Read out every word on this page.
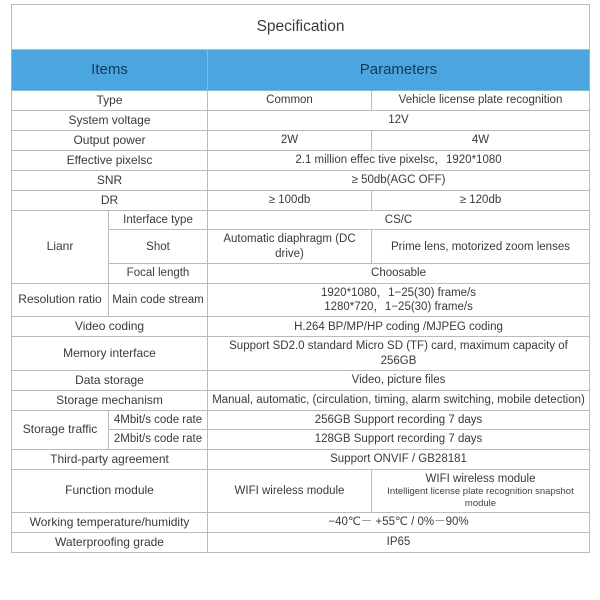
Specification			
Items		Parameters	
Type		Common	Vehicle license plate recognition
System voltage		12V	
Output power		2W	4W
Effective pixelsc		2.1 million effec tive pixelsc，1920*1080	
SNR		≥ 50db(AGC OFF)	
DR		≥ 100db	≥ 120db
Lianr	Interface type	CS/C	
	Shot	Automatic diaphragm (DC drive)	Prime lens, motorized zoom lenses
	Focal length	Choosable	
Resolution ratio	Main code stream	1920*1080，1−25(30) frame/s
1280*720，1−25(30) frame/s	

Video coding		H.264 BP/MP/HP coding /MJPEG coding	
Memory interface		Support SD2.0 standard Micro SD (TF) card, maximum capacity of 256GB	
Data storage		Video, picture files	
Storage mechanism		Manual, automatic, (circulation, timing, alarm switching, mobile detection)	
Storage traffic	4Mbit/s code rate	256GB Support recording 7 days	
	2Mbit/s code rate	128GB Support recording 7 days	
Third-party agreement		Support ONVIF / GB28181	
Function module		WIFI wireless module	WIFI wireless module
Intelligent license plate recognition snapshot module

Working temperature/humidity		−40℃－ +55℃ / 0%－90%	
Waterproofing grade		IP65	
